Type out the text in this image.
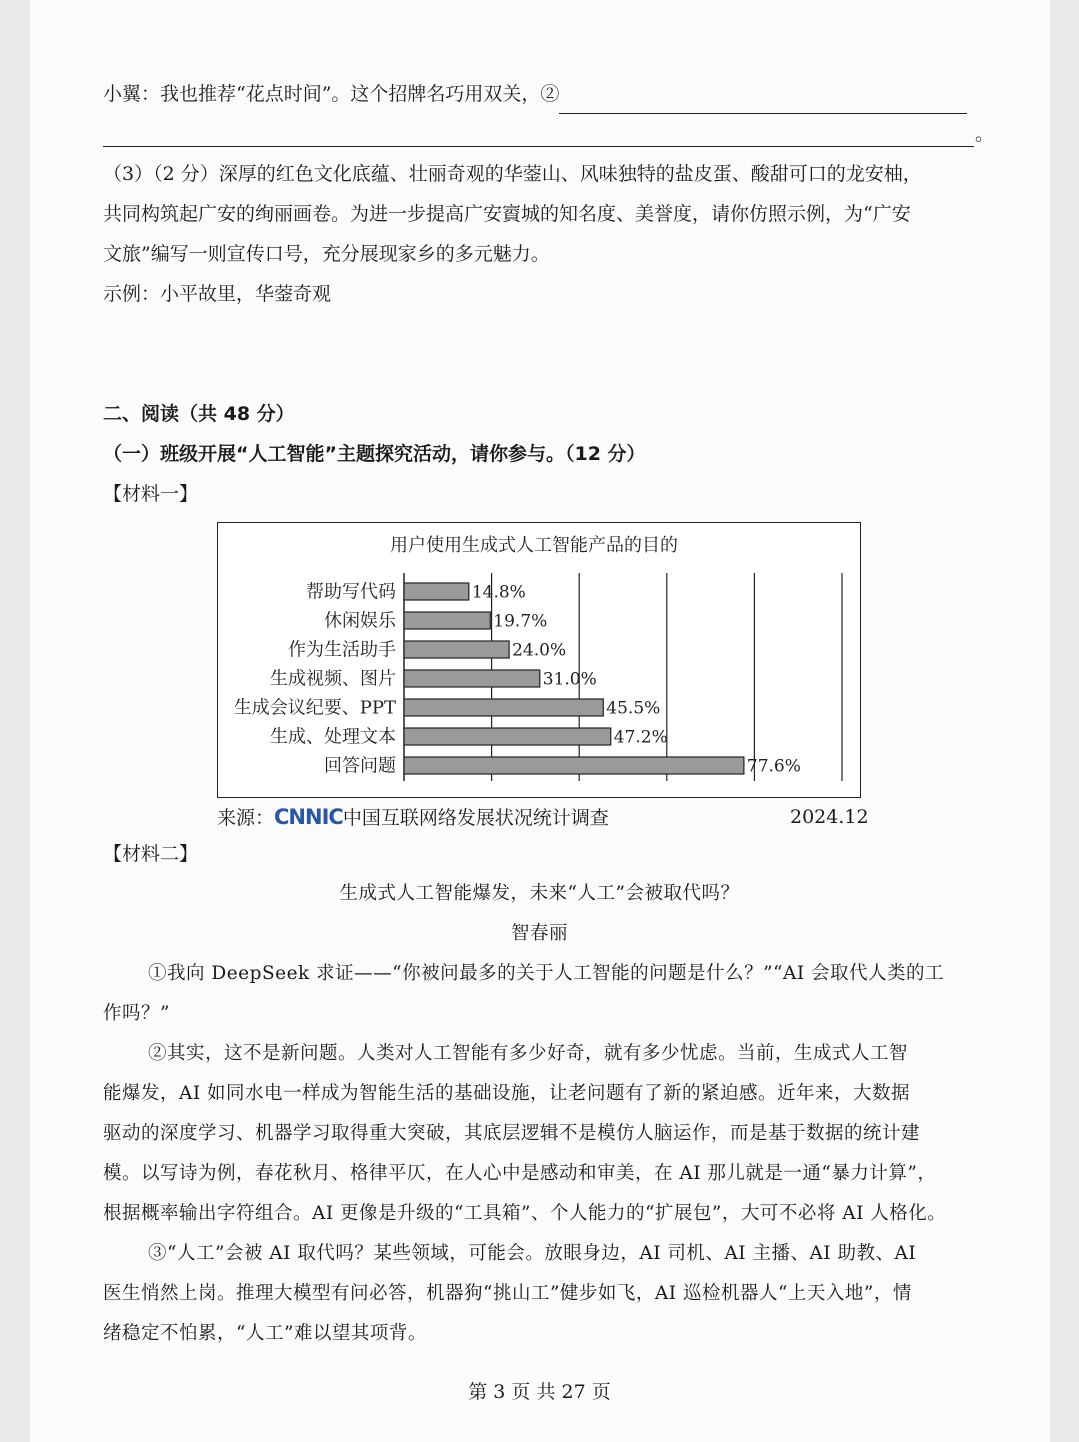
小翼：我也推荐“花点时间”。这个招牌名巧用双关，②
。
（3）（2 分）深厚的红色文化底蕴、壮丽奇观的华蓥山、风味独特的盐皮蛋、酸甜可口的龙安柚，
共同构筑起广安的绚丽画卷。为进一步提高广安賨城的知名度、美誉度，请你仿照示例，为“广安
文旅”编写一则宣传口号，充分展现家乡的多元魅力。
示例：小平故里，华蓥奇观
二、阅读（共 48 分）
（一）班级开展“人工智能”主题探究活动，请你参与。（12 分）
【材料一】
用户使用生成式人工智能产品的目的
帮助写代码	14.8%
休闲娱乐	19.7%
作为生活助手	24.0%
生成视频、图片	31.0%
生成会议纪要、PPT	45.5%
生成、处理文本	47.2%
回答问题	77.6%
来源：CNNIC中国互联网络发展状况统计调查	2024.12
【材料二】
生成式人工智能爆发，未来“人工”会被取代吗？
智春丽
①我向 DeepSeek 求证——“你被问最多的关于人工智能的问题是什么？”“AI 会取代人类的工
作吗？”
②其实，这不是新问题。人类对人工智能有多少好奇，就有多少忧虑。当前，生成式人工智
能爆发，AI 如同水电一样成为智能生活的基础设施，让老问题有了新的紧迫感。近年来，大数据
驱动的深度学习、机器学习取得重大突破，其底层逻辑不是模仿人脑运作，而是基于数据的统计建
模。以写诗为例，春花秋月、格律平仄，在人心中是感动和审美，在 AI 那儿就是一通“暴力计算”，
根据概率输出字符组合。AI 更像是升级的“工具箱”、个人能力的“扩展包”，大可不必将 AI 人格化。
③“人工”会被 AI 取代吗？某些领域，可能会。放眼身边，AI 司机、AI 主播、AI 助教、AI
医生悄然上岗。推理大模型有问必答，机器狗“挑山工”健步如飞，AI 巡检机器人“上天入地”，情
绪稳定不怕累，“人工”难以望其项背。
第 3 页 共 27 页
